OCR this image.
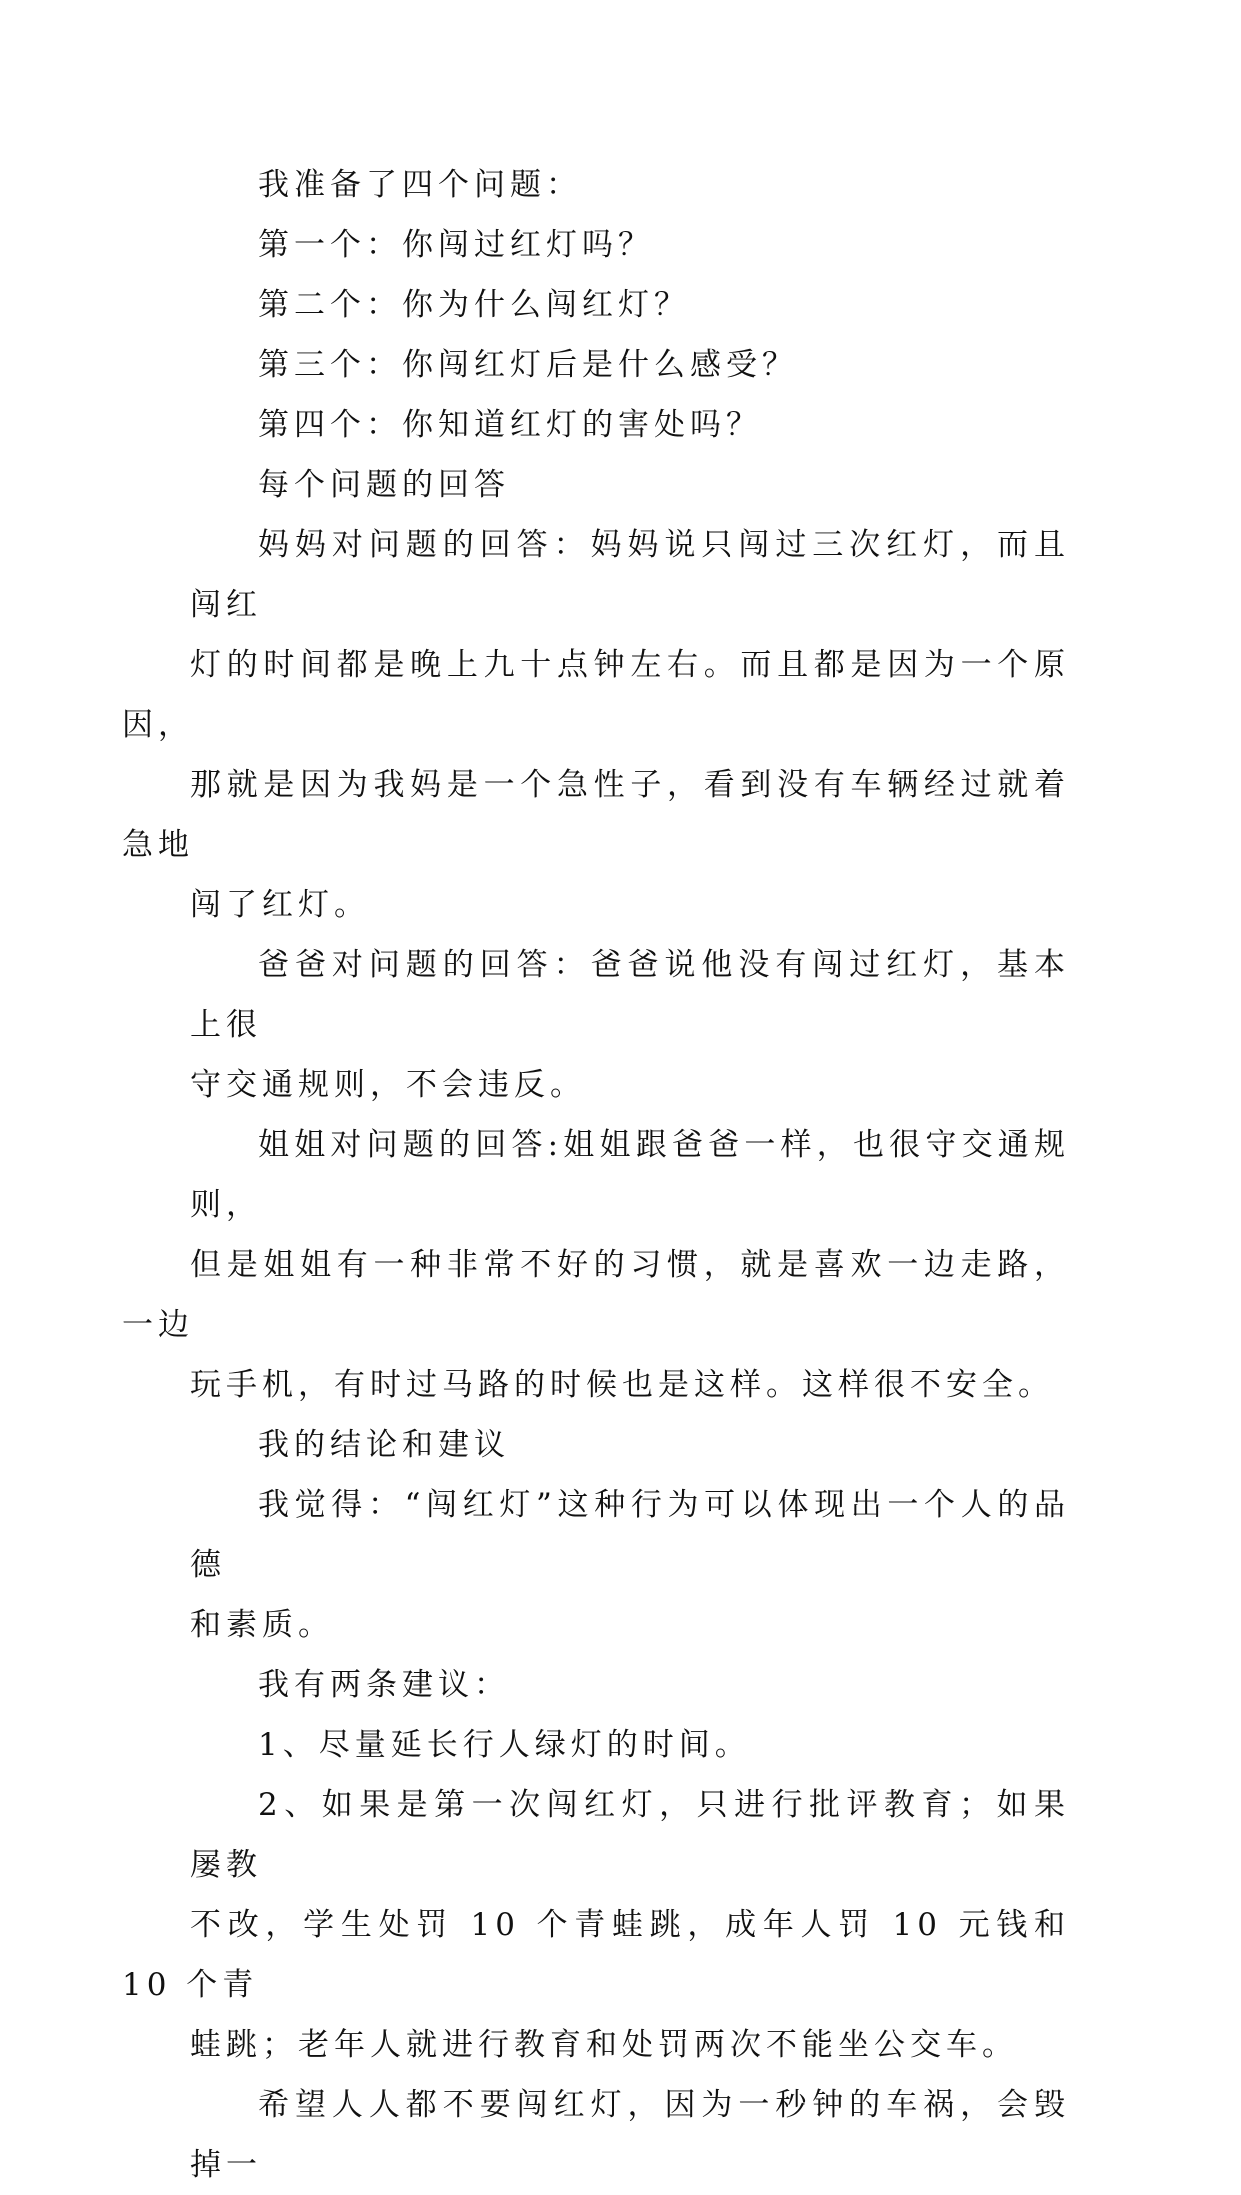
我准备了四个问题：

第一个：你闯过红灯吗？

第二个：你为什么闯红灯？

第三个：你闯红灯后是什么感受？

第四个：你知道红灯的害处吗？

每个问题的回答

妈妈对问题的回答：妈妈说只闯过三次红灯，而且闯红
灯的时间都是晚上九十点钟左右。而且都是因为一个原因，
那就是因为我妈是一个急性子，看到没有车辆经过就着急地
闯了红灯。

爸爸对问题的回答：爸爸说他没有闯过红灯，基本上很
守交通规则，不会违反。

姐姐对问题的回答:姐姐跟爸爸一样，也很守交通规则，
但是姐姐有一种非常不好的习惯，就是喜欢一边走路，一边
玩手机，有时过马路的时候也是这样。这样很不安全。

我的结论和建议

我觉得：“闯红灯”这种行为可以体现出一个人的品德
和素质。

我有两条建议：

1、尽量延长行人绿灯的时间。

2、如果是第一次闯红灯，只进行批评教育；如果屡教
不改，学生处罚 10 个青蛙跳，成年人罚 10 元钱和 10 个青
蛙跳；老年人就进行教育和处罚两次不能坐公交车。

希望人人都不要闯红灯，因为一秒钟的车祸，会毁掉一
